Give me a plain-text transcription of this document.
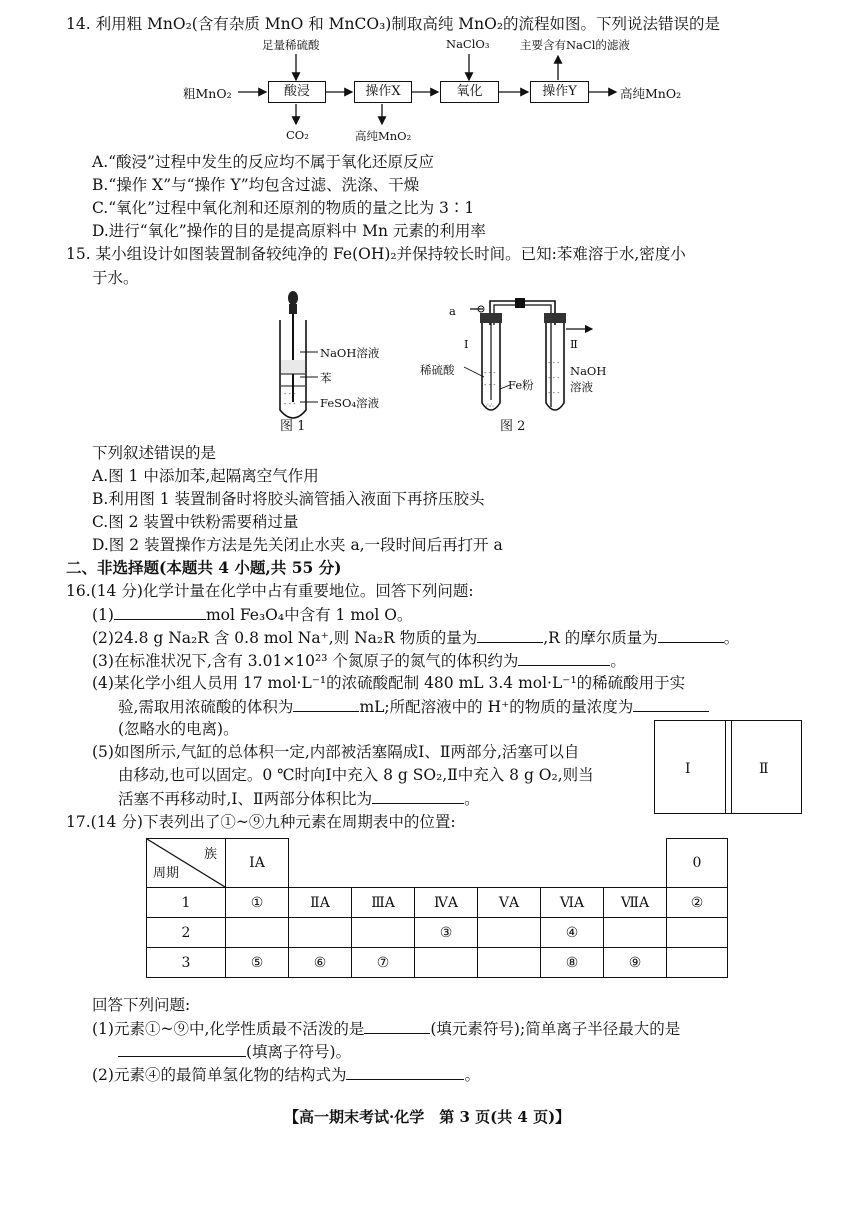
14. 利用粗 MnO₂(含有杂质 MnO 和 MnCO₃)制取高纯 MnO₂的流程如图。下列说法错误的是
粗MnO₂	酸浸	操作X	氧化	操作Y	高纯MnO₂
足量稀硫酸
CO₂	高纯MnO₂
NaClO₃	主要含有NaCl的滤液
A.“酸浸”过程中发生的反应均不属于氧化还原反应
B.“操作 X”与“操作 Y”均包含过滤、洗涤、干燥
C.“氧化”过程中氧化剂和还原剂的物质的量之比为 3∶1
D.进行“氧化”操作的目的是提高原料中 Mn 元素的利用率
15. 某小组设计如图装置制备较纯净的 Fe(OH)₂并保持较长时间。已知:苯难溶于水,密度小
于水。
- - -
- - -
NaOH溶液
苯
FeSO₄溶液
图 1
- - -
- - -
- - -
- - -
- - -
∴∴
a
Ⅰ	Ⅱ
稀硫酸
Fe粉
NaOH
溶液
图 2
下列叙述错误的是
A.图 1 中添加苯,起隔离空气作用
B.利用图 1 装置制备时将胶头滴管插入液面下再挤压胶头
C.图 2 装置中铁粉需要稍过量
D.图 2 装置操作方法是先关闭止水夹 a,一段时间后再打开 a
二、非选择题(本题共 4 小题,共 55 分)
16.(14 分)化学计量在化学中占有重要地位。回答下列问题:
(1)	mol Fe₃O₄中含有 1 mol O。
(2)24.8 g Na₂R 含 0.8 mol Na⁺,则 Na₂R 物质的量为	,R 的摩尔质量为	。
(3)在标准状况下,含有 3.01×10²³ 个氮原子的氮气的体积约为	。
(4)某化学小组人员用 17 mol·L⁻¹的浓硫酸配制 480 mL 3.4 mol·L⁻¹的稀硫酸用于实
验,需取用浓硫酸的体积为	mL;所配溶液中的 H⁺的物质的量浓度为
(忽略水的电离)。
(5)如图所示,气缸的总体积一定,内部被活塞隔成Ⅰ、Ⅱ两部分,活塞可以自
由移动,也可以固定。0 ℃时向Ⅰ中充入 8 g SO₂,Ⅱ中充入 8 g O₂,则当
活塞不再移动时,Ⅰ、Ⅱ两部分体积比为	。
Ⅰ	Ⅱ
17.(14 分)下表列出了①~⑨九种元素在周期表中的位置:
族
周期	ⅠA							0
1	①	ⅡA	ⅢA	ⅣA	ⅤA	ⅥA	ⅦA	②
2				③		④		
3	⑤	⑥	⑦			⑧	⑨	
回答下列问题:
(1)元素①~⑨中,化学性质最不活泼的是	(填元素符号);简单离子半径最大的是
(填离子符号)。
(2)元素④的最简单氢化物的结构式为	。
【高一期末考试·化学　第 3 页(共 4 页)】
